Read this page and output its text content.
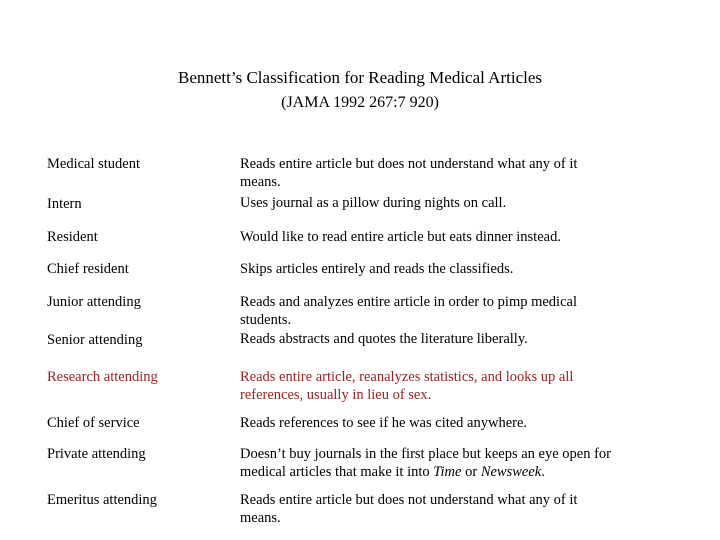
Bennett’s Classification for Reading Medical Articles
(JAMA 1992 267:7 920)
Medical student	Reads entire article but does not understand what any of it
means.
Intern	Uses journal as a pillow during nights on call.
Resident	Would like to read entire article but eats dinner instead.
Chief resident	Skips articles entirely and reads the classifieds.
Junior attending	Reads and analyzes entire article in order to pimp medical
students.
Senior attending	Reads abstracts and quotes the literature liberally.
Research attending	Reads entire article, reanalyzes statistics, and looks up all
references, usually in lieu of sex.
Chief of service	Reads references to see if he was cited anywhere.
Private attending	Doesn’t buy journals in the first place but keeps an eye open for
medical articles that make it into Time or Newsweek.
Emeritus attending	Reads entire article but does not understand what any of it
means.
